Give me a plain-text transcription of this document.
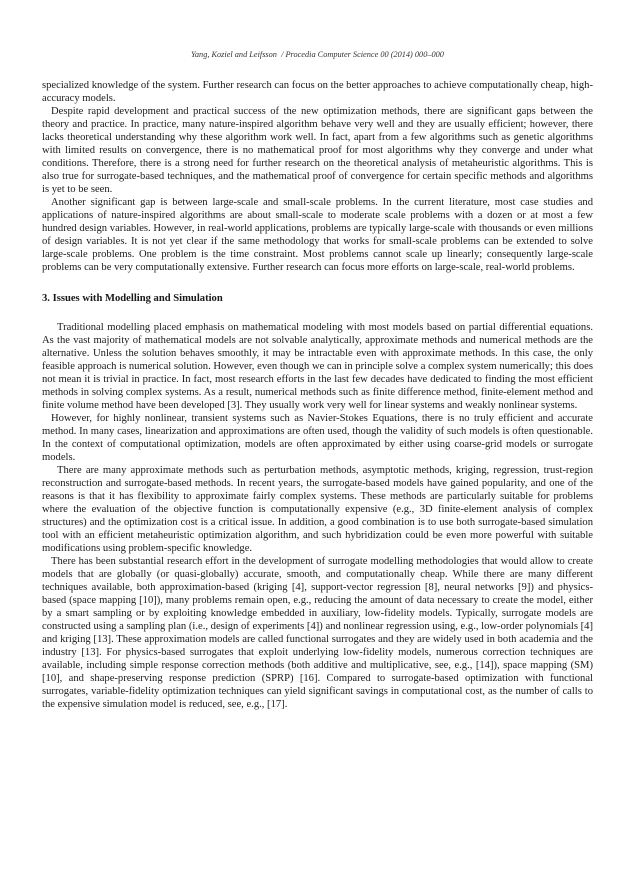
Yang, Koziel and Leifsson  / Procedia Computer Science 00 (2014) 000–000

specialized knowledge of the system. Further research can focus on the better approaches to achieve computationally cheap, high-accuracy models.

Despite rapid development and practical success of the new optimization methods, there are significant gaps between the theory and practice. In practice, many nature-inspired algorithm behave very well and they are usually efficient; however, there lacks theoretical understanding why these algorithm work well. In fact, apart from a few algorithms such as genetic algorithms with limited results on convergence, there is no mathematical proof for most algorithms why they converge and under what conditions. Therefore, there is a strong need for further research on the theoretical analysis of metaheuristic algorithms. This is also true for surrogate-based techniques, and the mathematical proof of convergence for certain specific methods and algorithms is yet to be seen.

Another significant gap is between large-scale and small-scale problems. In the current literature, most case studies and applications of nature-inspired algorithms are about small-scale to moderate scale problems with a dozen or at most a few hundred design variables. However, in real-world applications, problems are typically large-scale with thousands or even millions of design variables. It is not yet clear if the same methodology that works for small-scale problems can be extended to solve large-scale problems. One problem is the time constraint. Most problems cannot scale up linearly; consequently large-scale problems can be very computationally extensive. Further research can focus more efforts on large-scale, real-world problems.

3. Issues with Modelling and Simulation

Traditional modelling placed emphasis on mathematical modeling with most models based on partial differential equations. As the vast majority of mathematical models are not solvable analytically, approximate methods and numerical methods are the alternative. Unless the solution behaves smoothly, it may be intractable even with approximate methods. In this case, the only feasible approach is numerical solution. However, even though we can in principle solve a complex system numerically; this does not mean it is trivial in practice. In fact, most research efforts in the last few decades have dedicated to finding the most efficient methods in solving complex systems. As a result, numerical methods such as finite difference method, finite-element method and finite volume method have been developed [3]. They usually work very well for linear systems and weakly nonlinear systems.

However, for highly nonlinear, transient systems such as Navier-Stokes Equations, there is no truly efficient and accurate method. In many cases, linearization and approximations are often used, though the validity of such models is often questionable. In the context of computational optimization, models are often approximated by either using coarse-grid models or surrogate models.

There are many approximate methods such as perturbation methods, asymptotic methods, kriging, regression, trust-region reconstruction and surrogate-based methods. In recent years, the surrogate-based models have gained popularity, and one of the reasons is that it has flexibility to approximate fairly complex systems. These methods are particularly suitable for problems where the evaluation of the objective function is computationally expensive (e.g., 3D finite-element analysis of complex structures) and the optimization cost is a critical issue. In addition, a good combination is to use both surrogate-based simulation tool with an efficient metaheuristic optimization algorithm, and such hybridization could be even more powerful with suitable modifications using problem-specific knowledge.

There has been substantial research effort in the development of surrogate modelling methodologies that would allow to create models that are globally (or quasi-globally) accurate, smooth, and computationally cheap. While there are many different techniques available, both approximation-based (kriging [4], support-vector regression [8], neural networks [9]) and physics-based (space mapping [10]), many problems remain open, e.g., reducing the amount of data necessary to create the model, either by a smart sampling or by exploiting knowledge embedded in auxiliary, low-fidelity models. Typically, surrogate models are constructed using a sampling plan (i.e., design of experiments [4]) and nonlinear regression using, e.g., low-order polynomials [4] and kriging [13]. These approximation models are called functional surrogates and they are widely used in both academia and the industry [13]. For physics-based surrogates that exploit underlying low-fidelity models, numerous correction techniques are available, including simple response correction methods (both additive and multiplicative, see, e.g., [14]), space mapping (SM) [10], and shape-preserving response prediction (SPRP) [16]. Compared to surrogate-based optimization with functional surrogates, variable-fidelity optimization techniques can yield significant savings in computational cost, as the number of calls to the expensive simulation model is reduced, see, e.g., [17].
